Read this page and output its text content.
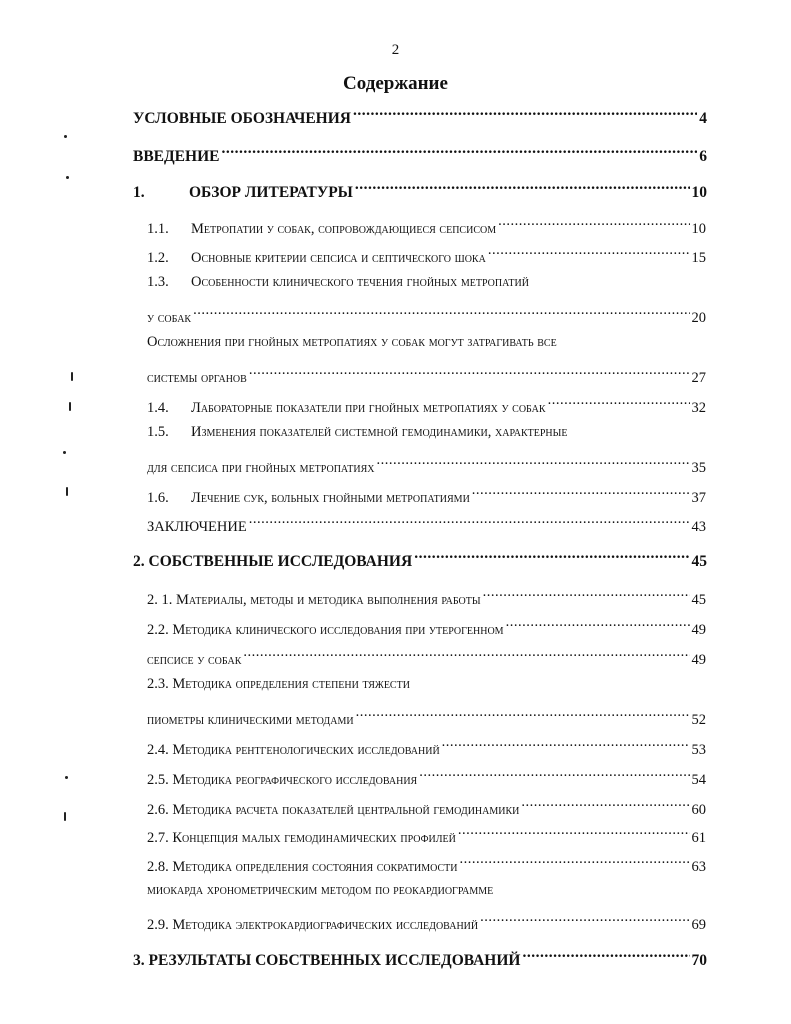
2
Содержание
УСЛОВНЫЕ ОБОЗНАЧЕНИЯ .....	4
ВВЕДЕНИЕ .....	6
1.	ОБЗОР ЛИТЕРАТУРЫ .....	10
1.1.	Метропатии у собак, сопровождающиеся сепсисом .....	10
1.2.	Основные критерии сепсиса и септического шока .....	15
1.3.	Особенности клинического течения гнойных метропатий
у собак .....	20
Осложнения при гнойных метропатиях у собак могут затрагивать все
системы органов .....	27
1.4.	Лабораторные показатели при гнойных метропатиях у собак .....	32
1.5.	Изменения показателей системной гемодинамики, характерные
для сепсиса при гнойных метропатиях .....	35
1.6.	Лечение сук, больных гнойными метропатиями .....	37
ЗАКЛЮЧЕНИЕ .....	43
2. СОБСТВЕННЫЕ ИССЛЕДОВАНИЯ .....	45
2. 1. Материалы, методы и методика выполнения работы .....	45
2.2. Методика клинического исследования при утерогенном .....	49
сепсисе у собак .....	49
2.3. Методика определения степени тяжести
пиометры клиническими методами .....	52
2.4. Методика рентгенологических исследований .....	53
2.5. Методика реографического исследования .....	54
2.6. Методика расчета показателей центральной гемодинамики .....	60
2.7. Концепция малых гемодинамических профилей .....	61
2.8. Методика определения состояния сократимости .....	63
миокарда хронометрическим методом по реокардиограмме
2.9. Методика электрокардиографических исследований .....	69
3. РЕЗУЛЬТАТЫ СОБСТВЕННЫХ ИССЛЕДОВАНИЙ .....	70
